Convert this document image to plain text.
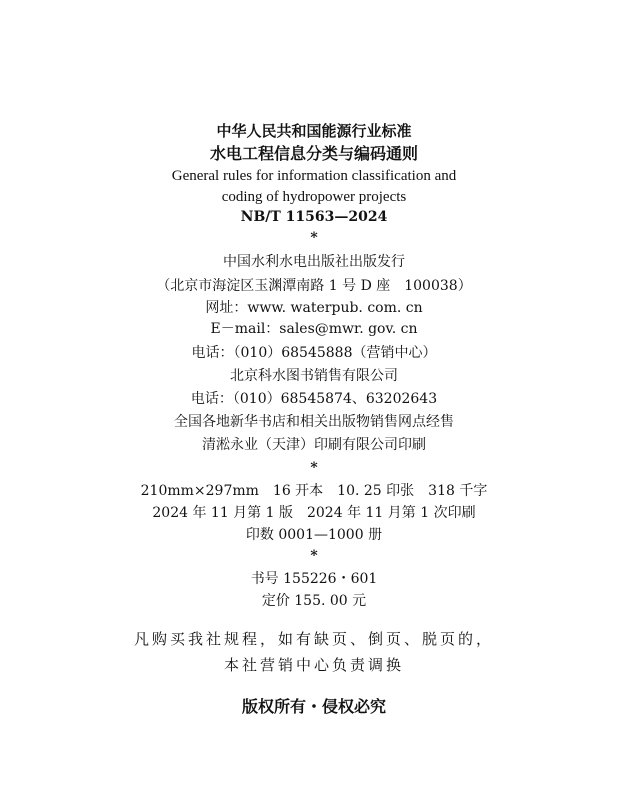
中华人民共和国能源行业标准
水电工程信息分类与编码通则
General rules for information classification and
coding of hydropower projects
NB/T 11563—2024
*
中国水利水电出版社出版发行
（北京市海淀区玉渊潭南路 1 号 D 座　100038）
网址：www. waterpub. com. cn
E－mail：sales@mwr. gov. cn
电话：（010）68545888（营销中心）
北京科水图书销售有限公司
电话：（010）68545874、63202643
全国各地新华书店和相关出版物销售网点经售
清淞永业（天津）印刷有限公司印刷
*
210mm×297mm　16 开本　10. 25 印张　318 千字
2024 年 11 月第 1 版　2024 年 11 月第 1 次印刷
印数 0001—1000 册
*
书号 155226・601
定价 155. 00 元
凡购买我社规程，如有缺页、倒页、脱页的，
本社营销中心负责调换
版权所有・侵权必究
